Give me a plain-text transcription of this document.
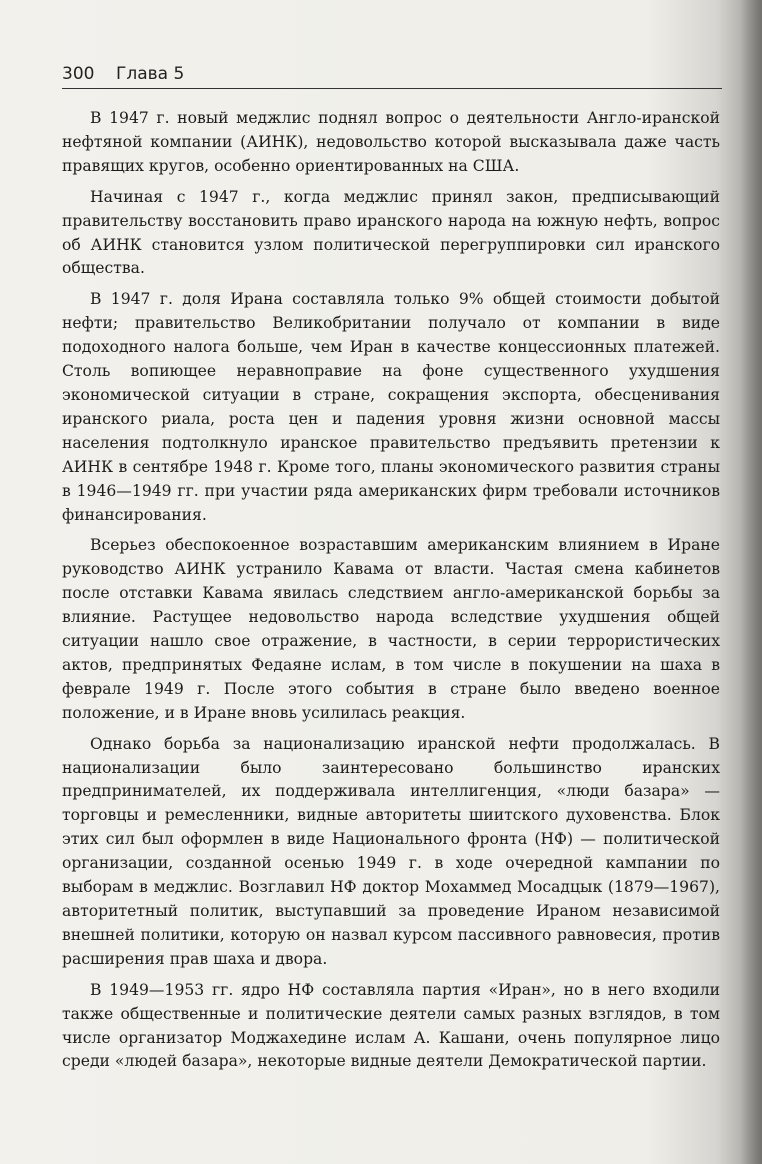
300 Глава 5

В 1947 г. новый меджлис поднял вопрос о деятельности Англо-иранской нефтяной компании (АИНК), недовольство которой высказывала даже часть правящих кругов, особенно ориентированных на США.

Начиная с 1947 г., когда меджлис принял закон, предписывающий правительству восстановить право иранского народа на южную нефть, вопрос об АИНК становится узлом политической перегруппировки сил иранского общества.

В 1947 г. доля Ирана составляла только 9% общей стоимости добытой нефти; правительство Великобритании получало от компании в виде подоходного налога больше, чем Иран в качестве концессионных платежей. Столь вопиющее неравноправие на фоне существенного ухудшения экономической ситуации в стране, сокращения экспорта, обесценивания иранского риала, роста цен и падения уровня жизни основной массы населения подтолкнуло иранское правительство предъявить претензии к АИНК в сентябре 1948 г. Кроме того, планы экономического развития страны в 1946—1949 гг. при участии ряда американских фирм требовали источников финансирования.

Всерьез обеспокоенное возраставшим американским влиянием в Иране руководство АИНК устранило Кавама от власти. Частая смена кабинетов после отставки Кавама явилась следствием англо-американской борьбы за влияние. Растущее недовольство народа вследствие ухудшения общей ситуации нашло свое отражение, в частности, в серии террористических актов, предпринятых Федаяне ислам, в том числе в покушении на шаха в феврале 1949 г. После этого события в стране было введено военное положение, и в Иране вновь усилилась реакция.

Однако борьба за национализацию иранской нефти продолжалась. В национализации было заинтересовано большинство иранских предпринимателей, их поддерживала интеллигенция, «люди базара» — торговцы и ремесленники, видные авторитеты шиитского духовенства. Блок этих сил был оформлен в виде Национального фронта (НФ) — политической организации, созданной осенью 1949 г. в ходе очередной кампании по выборам в меджлис. Возглавил НФ доктор Мохаммед Мосадцык (1879—1967), авторитетный политик, выступавший за проведение Ираном независимой внешней политики, которую он назвал курсом пассивного равновесия, против расширения прав шаха и двора.

В 1949—1953 гг. ядро НФ составляла партия «Иран», но в него входили также общественные и политические деятели самых разных взглядов, в том числе организатор Моджахедине ислам А. Кашани, очень популярное лицо среди «людей базара», некоторые видные деятели Демократической партии.
